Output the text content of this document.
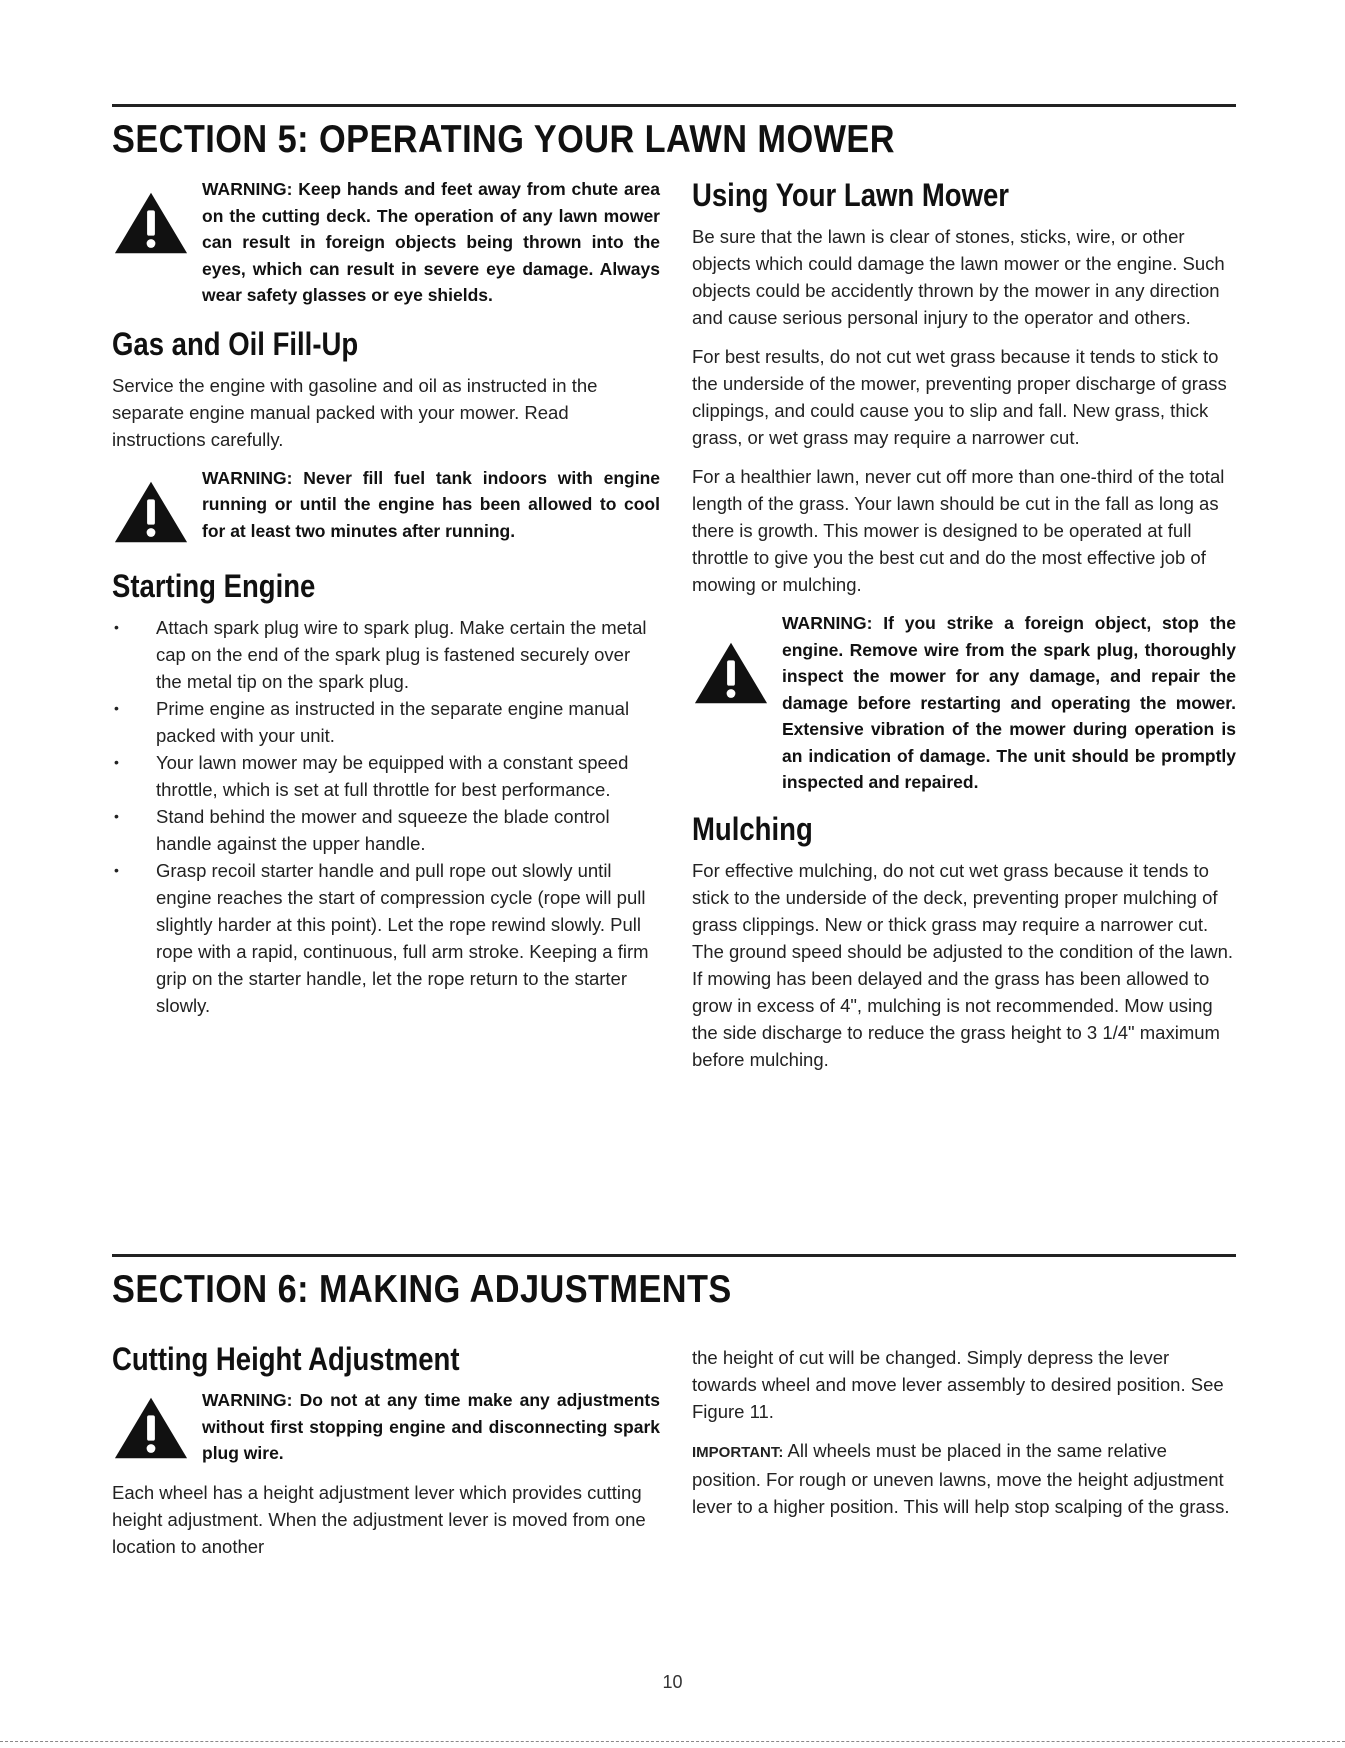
SECTION 5: OPERATING YOUR LAWN MOWER
WARNING: Keep hands and feet away from chute area on the cutting deck. The operation of any lawn mower can result in foreign objects being thrown into the eyes, which can result in severe eye damage. Always wear safety glasses or eye shields.
Gas and Oil Fill-Up

Service the engine with gasoline and oil as instructed in the separate engine manual packed with your mower. Read instructions carefully.

WARNING: Never fill fuel tank indoors with engine running or until the engine has been allowed to cool for at least two minutes after running.
Starting Engine
• Attach spark plug wire to spark plug. Make certain the metal cap on the end of the spark plug is fastened securely over the metal tip on the spark plug.
• Prime engine as instructed in the separate engine manual packed with your unit.
• Your lawn mower may be equipped with a constant speed throttle, which is set at full throttle for best performance.
• Stand behind the mower and squeeze the blade control handle against the upper handle.
• Grasp recoil starter handle and pull rope out slowly until engine reaches the start of compression cycle (rope will pull slightly harder at this point). Let the rope rewind slowly. Pull rope with a rapid, continuous, full arm stroke. Keeping a firm grip on the starter handle, let the rope return to the starter slowly.
Using Your Lawn Mower

Be sure that the lawn is clear of stones, sticks, wire, or other objects which could damage the lawn mower or the engine. Such objects could be accidently thrown by the mower in any direction and cause serious personal injury to the operator and others.

For best results, do not cut wet grass because it tends to stick to the underside of the mower, preventing proper discharge of grass clippings, and could cause you to slip and fall. New grass, thick grass, or wet grass may require a narrower cut.

For a healthier lawn, never cut off more than one-third of the total length of the grass. Your lawn should be cut in the fall as long as there is growth. This mower is designed to be operated at full throttle to give you the best cut and do the most effective job of mowing or mulching.

WARNING: If you strike a foreign object, stop the engine. Remove wire from the spark plug, thoroughly inspect the mower for any damage, and repair the damage before restarting and operating the mower. Extensive vibration of the mower during operation is an indication of damage. The unit should be promptly inspected and repaired.
Mulching

For effective mulching, do not cut wet grass because it tends to stick to the underside of the deck, preventing proper mulching of grass clippings. New or thick grass may require a narrower cut. The ground speed should be adjusted to the condition of the lawn. If mowing has been delayed and the grass has been allowed to grow in excess of 4", mulching is not recommended. Mow using the side discharge to reduce the grass height to 3 1/4" maximum before mulching.

SECTION 6: MAKING ADJUSTMENTS
Cutting Height Adjustment
WARNING: Do not at any time make any adjustments without first stopping engine and disconnecting spark plug wire.

Each wheel has a height adjustment lever which provides cutting height adjustment. When the adjustment lever is moved from one location to another

the height of cut will be changed. Simply depress the lever towards wheel and move lever assembly to desired position. See Figure 11.

IMPORTANT: All wheels must be placed in the same relative position. For rough or uneven lawns, move the height adjustment lever to a higher position. This will help stop scalping of the grass.

10
